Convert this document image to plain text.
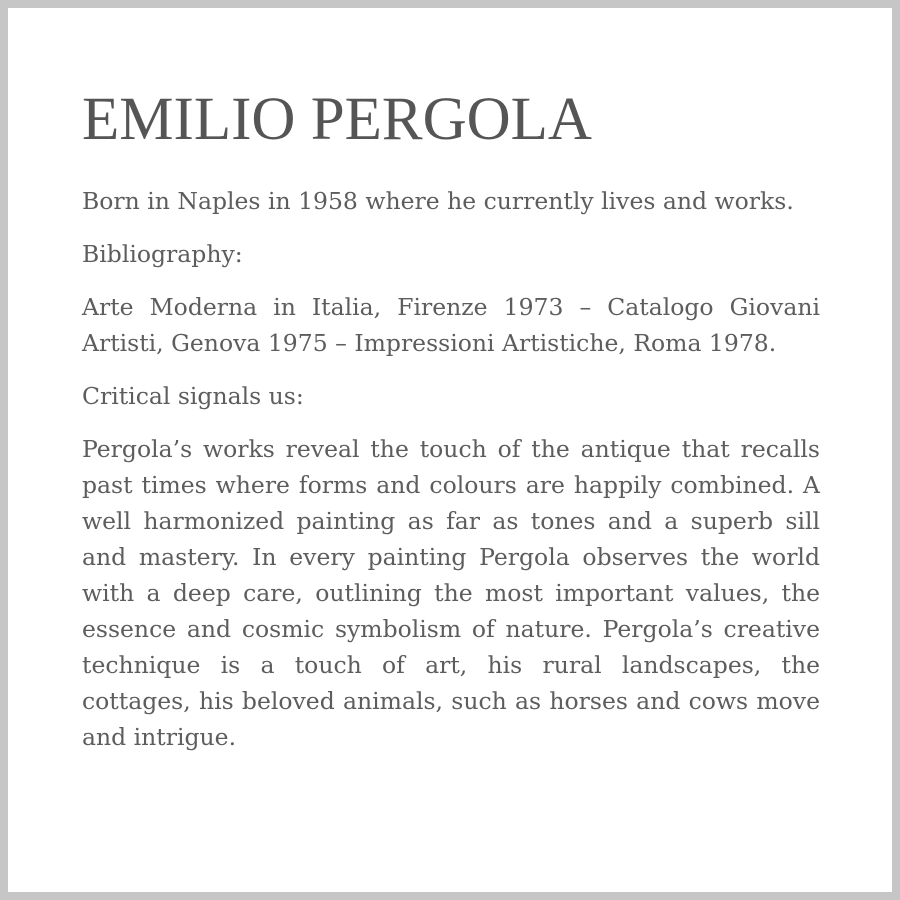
EMILIO PERGOLA

Born in Naples in 1958 where he currently lives and works.

Bibliography:

Arte Moderna in Italia, Firenze 1973 – Catalogo Giovani Artisti, Genova 1975 – Impressioni Artistiche, Roma 1978.

Critical signals us:

Pergola’s works reveal the touch of the antique that recalls past times where forms and colours are happily combined. A well harmonized painting as far as tones and a superb sill and mastery. In every painting Pergola observes the world with a deep care, outlining the most important values, the essence and cosmic symbolism of nature. Pergola’s creative technique is a touch of art, his rural landscapes, the cottages, his beloved animals, such as horses and cows move and intrigue.
